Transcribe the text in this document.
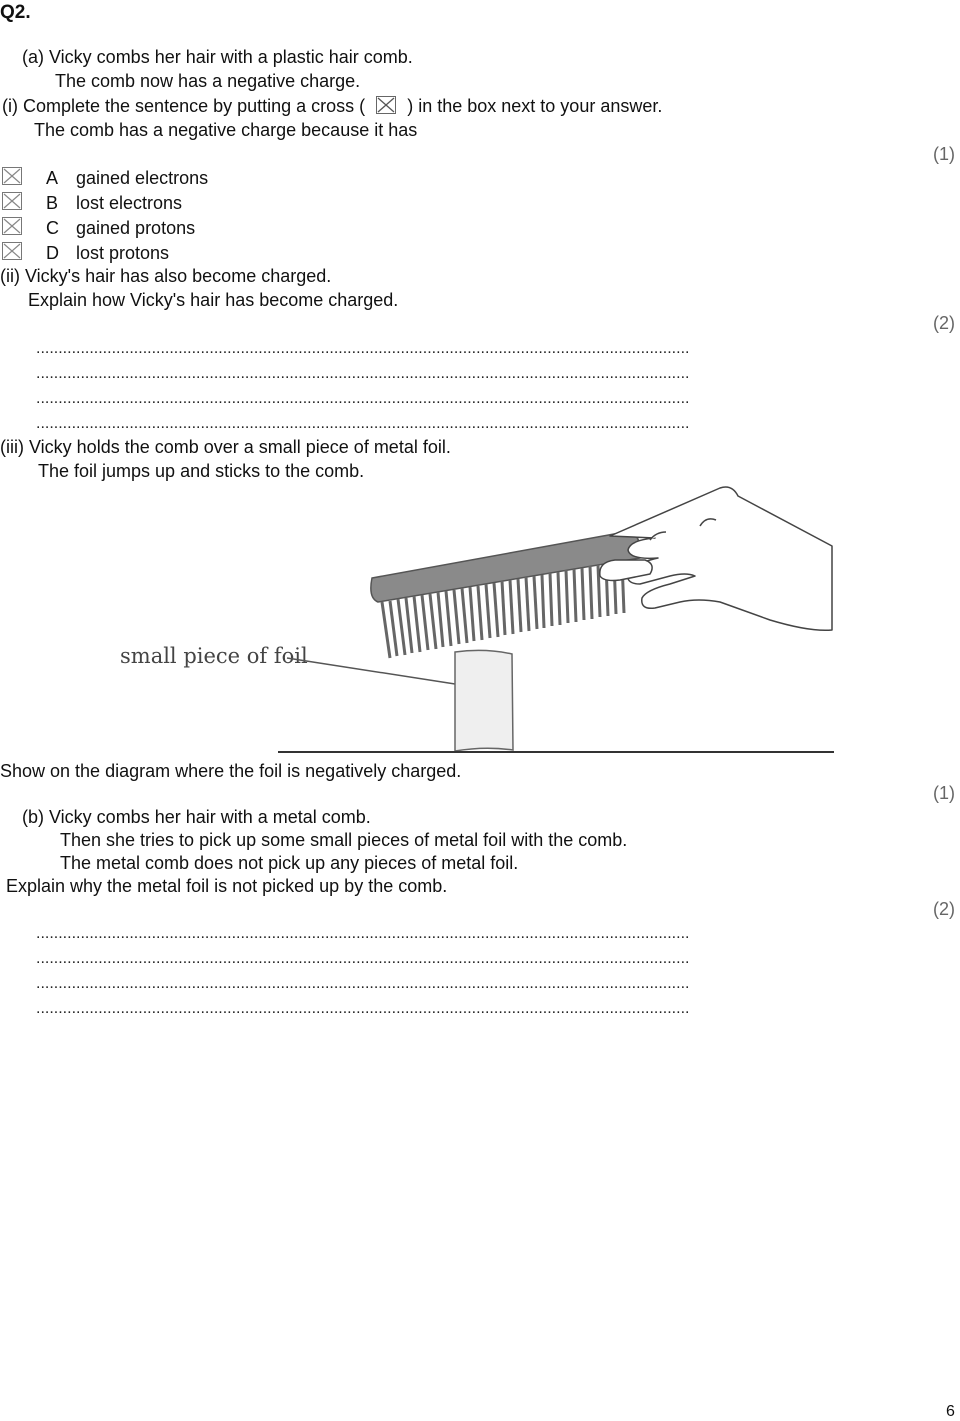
Q2.
(a) Vicky combs her hair with a plastic hair comb.
The comb now has a negative charge.
(i) Complete the sentence by putting a cross ( ) in the box next to your answer.
The comb has a negative charge because it has
(1)
A gained electrons
B lost electrons
C gained protons
D lost protons
(ii) Vicky's hair has also become charged.
Explain how Vicky's hair has become charged.
(2)
...................................................................................................................................................
...................................................................................................................................................
...................................................................................................................................................
...................................................................................................................................................
(iii) Vicky holds the comb over a small piece of metal foil.
The foil jumps up and sticks to the comb.
small piece of foil
Show on the diagram where the foil is negatively charged.
(1)
(b) Vicky combs her hair with a metal comb.
Then she tries to pick up some small pieces of metal foil with the comb.
The metal comb does not pick up any pieces of metal foil.
Explain why the metal foil is not picked up by the comb.
(2)
...................................................................................................................................................
...................................................................................................................................................
...................................................................................................................................................
...................................................................................................................................................
6
